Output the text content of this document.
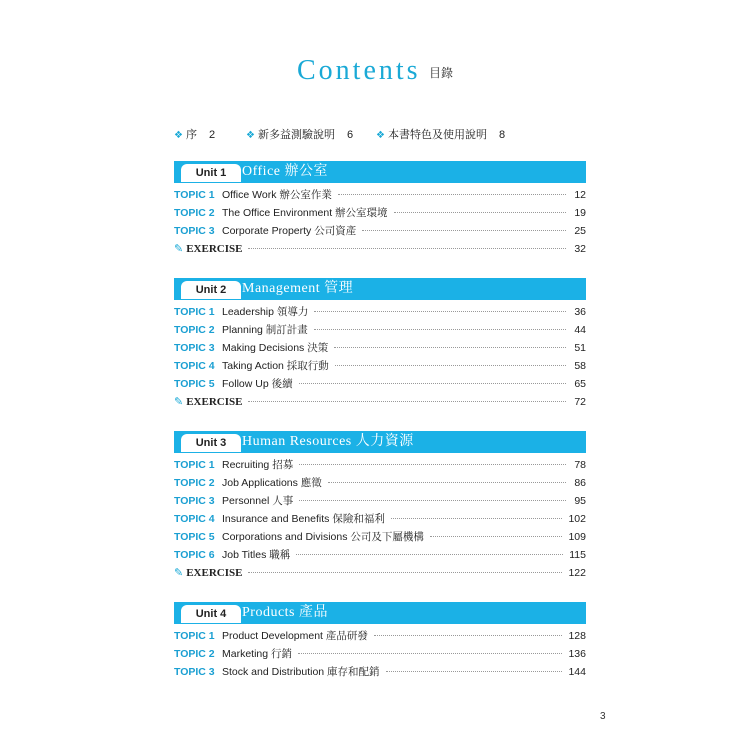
Contents 目錄
❖ 序 2	❖ 新多益測驗說明 6 ❖ 本書特色及使用說明 8
Unit 1	Office 辦公室
TOPIC 1 Office Work 辦公室作業	12
TOPIC 2 The Office Environment 辦公室環境	19
TOPIC 3 Corporate Property 公司資產	25
✎ EXERCISE	32
Unit 2	Management 管理
TOPIC 1 Leadership 領導力	36
TOPIC 2 Planning 制訂計畫	44
TOPIC 3 Making Decisions 決策	51
TOPIC 4 Taking Action 採取行動	58
TOPIC 5 Follow Up 後續	65
✎ EXERCISE	72
Unit 3	Human Resources 人力資源
TOPIC 1 Recruiting 招募	78
TOPIC 2 Job Applications 應徵	86
TOPIC 3 Personnel 人事	95
TOPIC 4 Insurance and Benefits 保險和福利	102
TOPIC 5 Corporations and Divisions 公司及下屬機構	109
TOPIC 6 Job Titles 職稱	115
✎ EXERCISE	122
Unit 4	Products 產品
TOPIC 1 Product Development 產品研發	128
TOPIC 2 Marketing 行銷	136
TOPIC 3 Stock and Distribution 庫存和配銷	144
3
